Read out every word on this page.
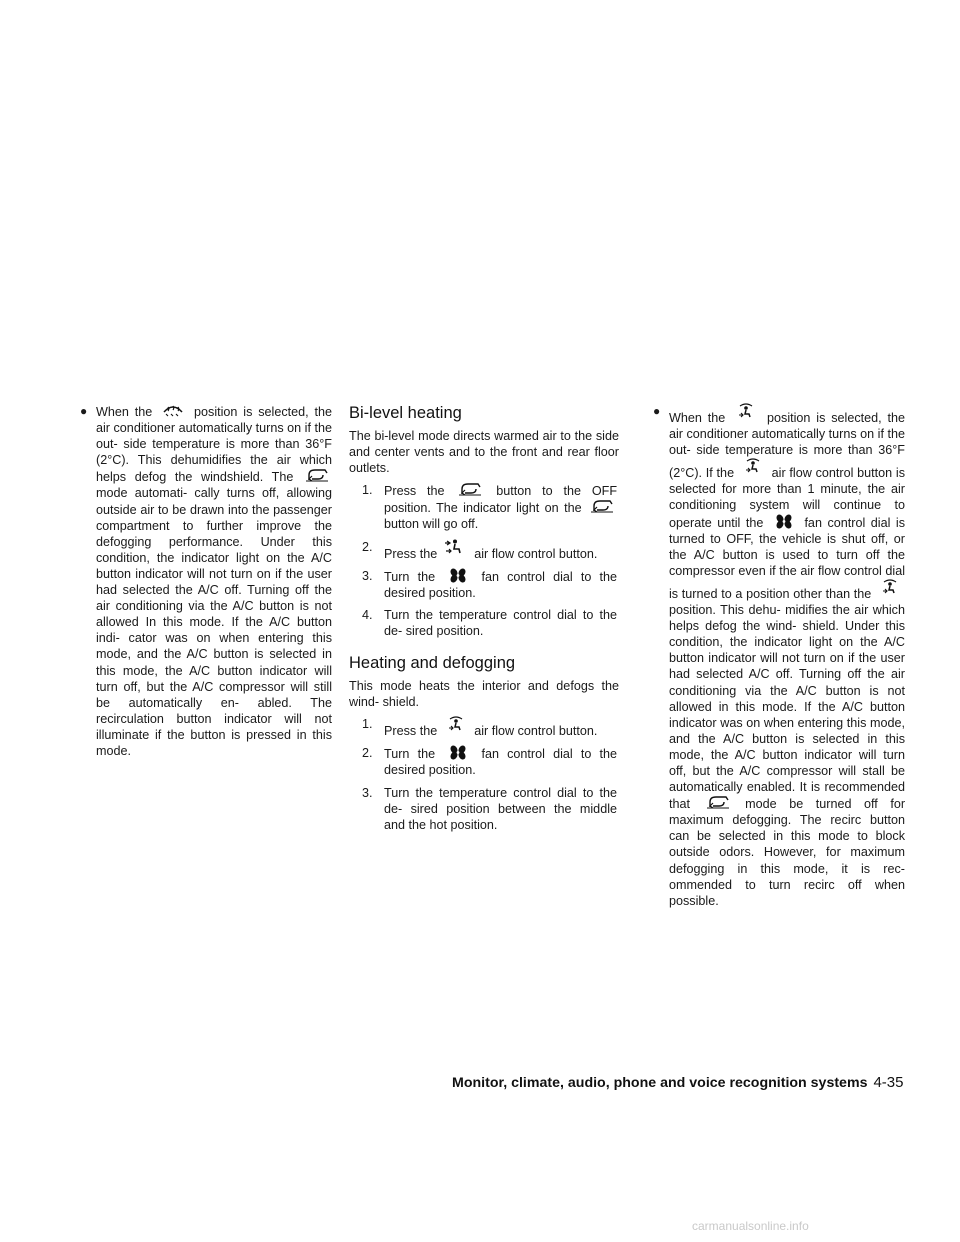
● When the	position is selected, the air conditioner automatically turns on if the out- side temperature is more than 36°F (2°C). This dehumidifies the air which helps defog the windshield. The
mode automati- cally turns off, allowing outside air to be drawn into the passenger compartment to further improve the defogging performance. Under this condition, the indicator light on the A/C button indicator will not turn on if the user had selected the A/C off. Turning off the air conditioning via the A/C button is not allowed In this mode. If the A/C button indi- cator was on when entering this mode, and the A/C button is selected in this mode, the A/C button indicator will turn off, but the A/C compressor will still be automatically en- abled. The recirculation button indicator will not illuminate if the button is pressed in this mode.

Bi-level heating

The bi-level mode directs warmed air to the side and center vents and to the front and rear floor outlets.

1. Press the	button to the OFF position. The indicator light on the
button will go off.
2. Press the	air flow control button.
3. Turn the	fan control dial to the desired position.
4. Turn the temperature control dial to the de- sired position.
Heating and defogging

This mode heats the interior and defogs the wind- shield.

1. Press the	air flow control button.
2. Turn the	fan control dial to the desired position.
3. Turn the temperature control dial to the de- sired position between the middle and the hot position.

● When the	position is selected, the air conditioner automatically turns on if the out- side temperature is more than 36°F (2°C). If the	air flow control button is selected for more than 1 minute, the air conditioning system will continue to operate until the	fan control dial is turned to OFF, the vehicle is shut off, or the A/C button is used to turn off the compressor even if the air flow control dial is turned to a position other than the
position. This dehu- midifies the air which helps defog the wind- shield. Under this condition, the indicator light on the A/C button indicator will not turn on if the user had selected A/C off. Turning off the air conditioning via the A/C button is not allowed in this mode. If the A/C button indicator was on when entering this mode, and the A/C button is selected in this mode, the A/C button indicator will turn off, but the A/C compressor will stall be automatically enabled. It is recommended that	mode be turned off for maximum defogging. The recirc button can be selected in this mode to block outside odors. However, for maximum defogging in this mode, it is rec- ommended to turn recirc off when possible.

Monitor, climate, audio, phone and voice recognition systems 4-35
carmanualsonline.info
